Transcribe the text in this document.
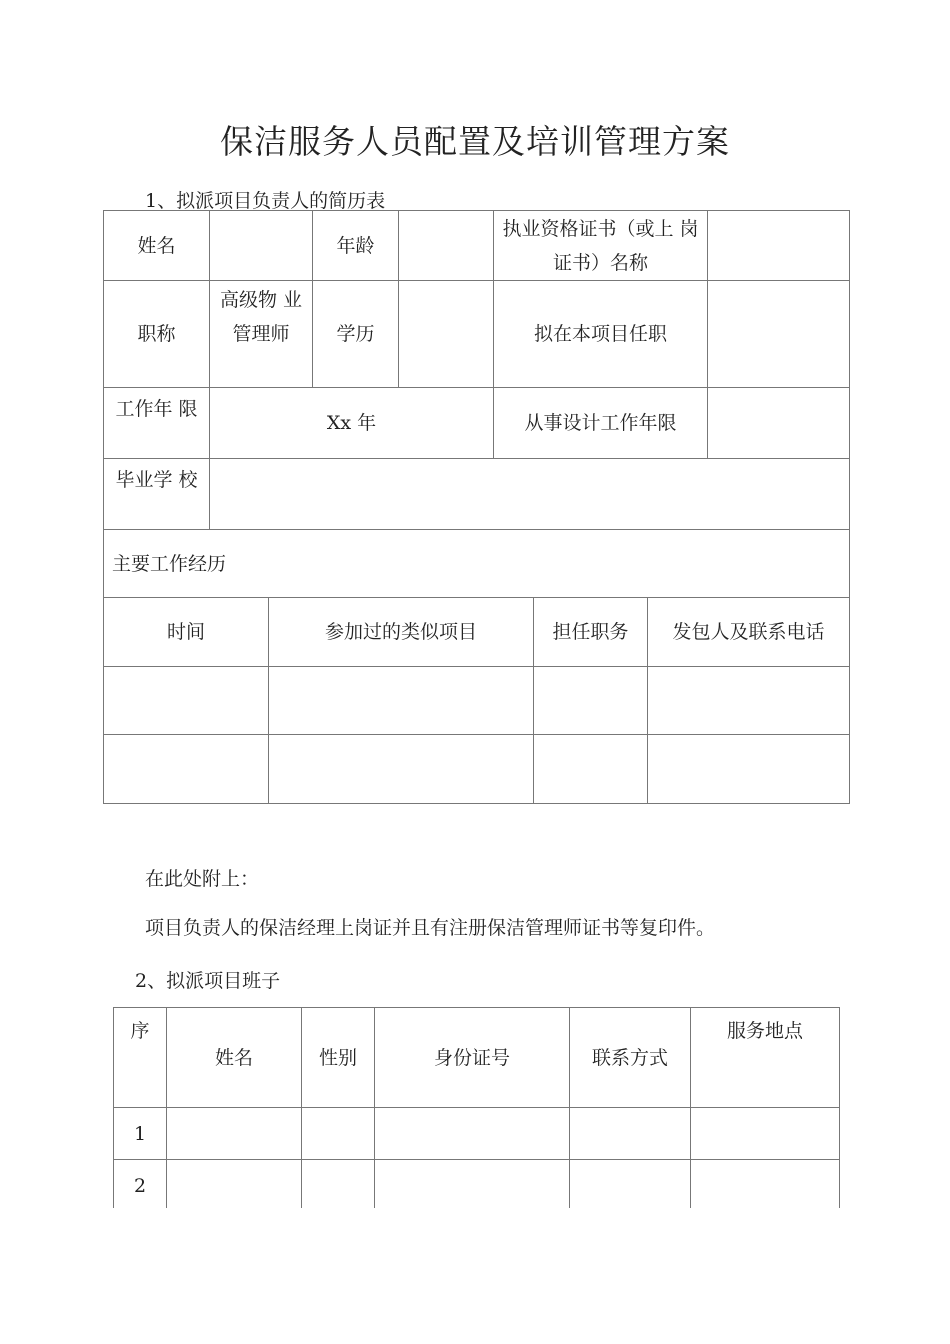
保洁服务人员配置及培训管理方案
1、拟派项目负责人的简历表
姓名		年龄		执业资格证书（或上 岗证书）名称	
职称	高级物 业管理师	学历		拟在本项目任职	
工作年 限	Xx 年			从事设计工作年限	
毕业学 校					
主要工作经历					
时间	参加过的类似项目	担任职务	发包人及联系电话

在此处附上：
项目负责人的保洁经理上岗证并且有注册保洁管理师证书等复印件。
2、拟派项目班子
序	姓名	性别	身份证号	联系方式	服务地点
1					
2					
